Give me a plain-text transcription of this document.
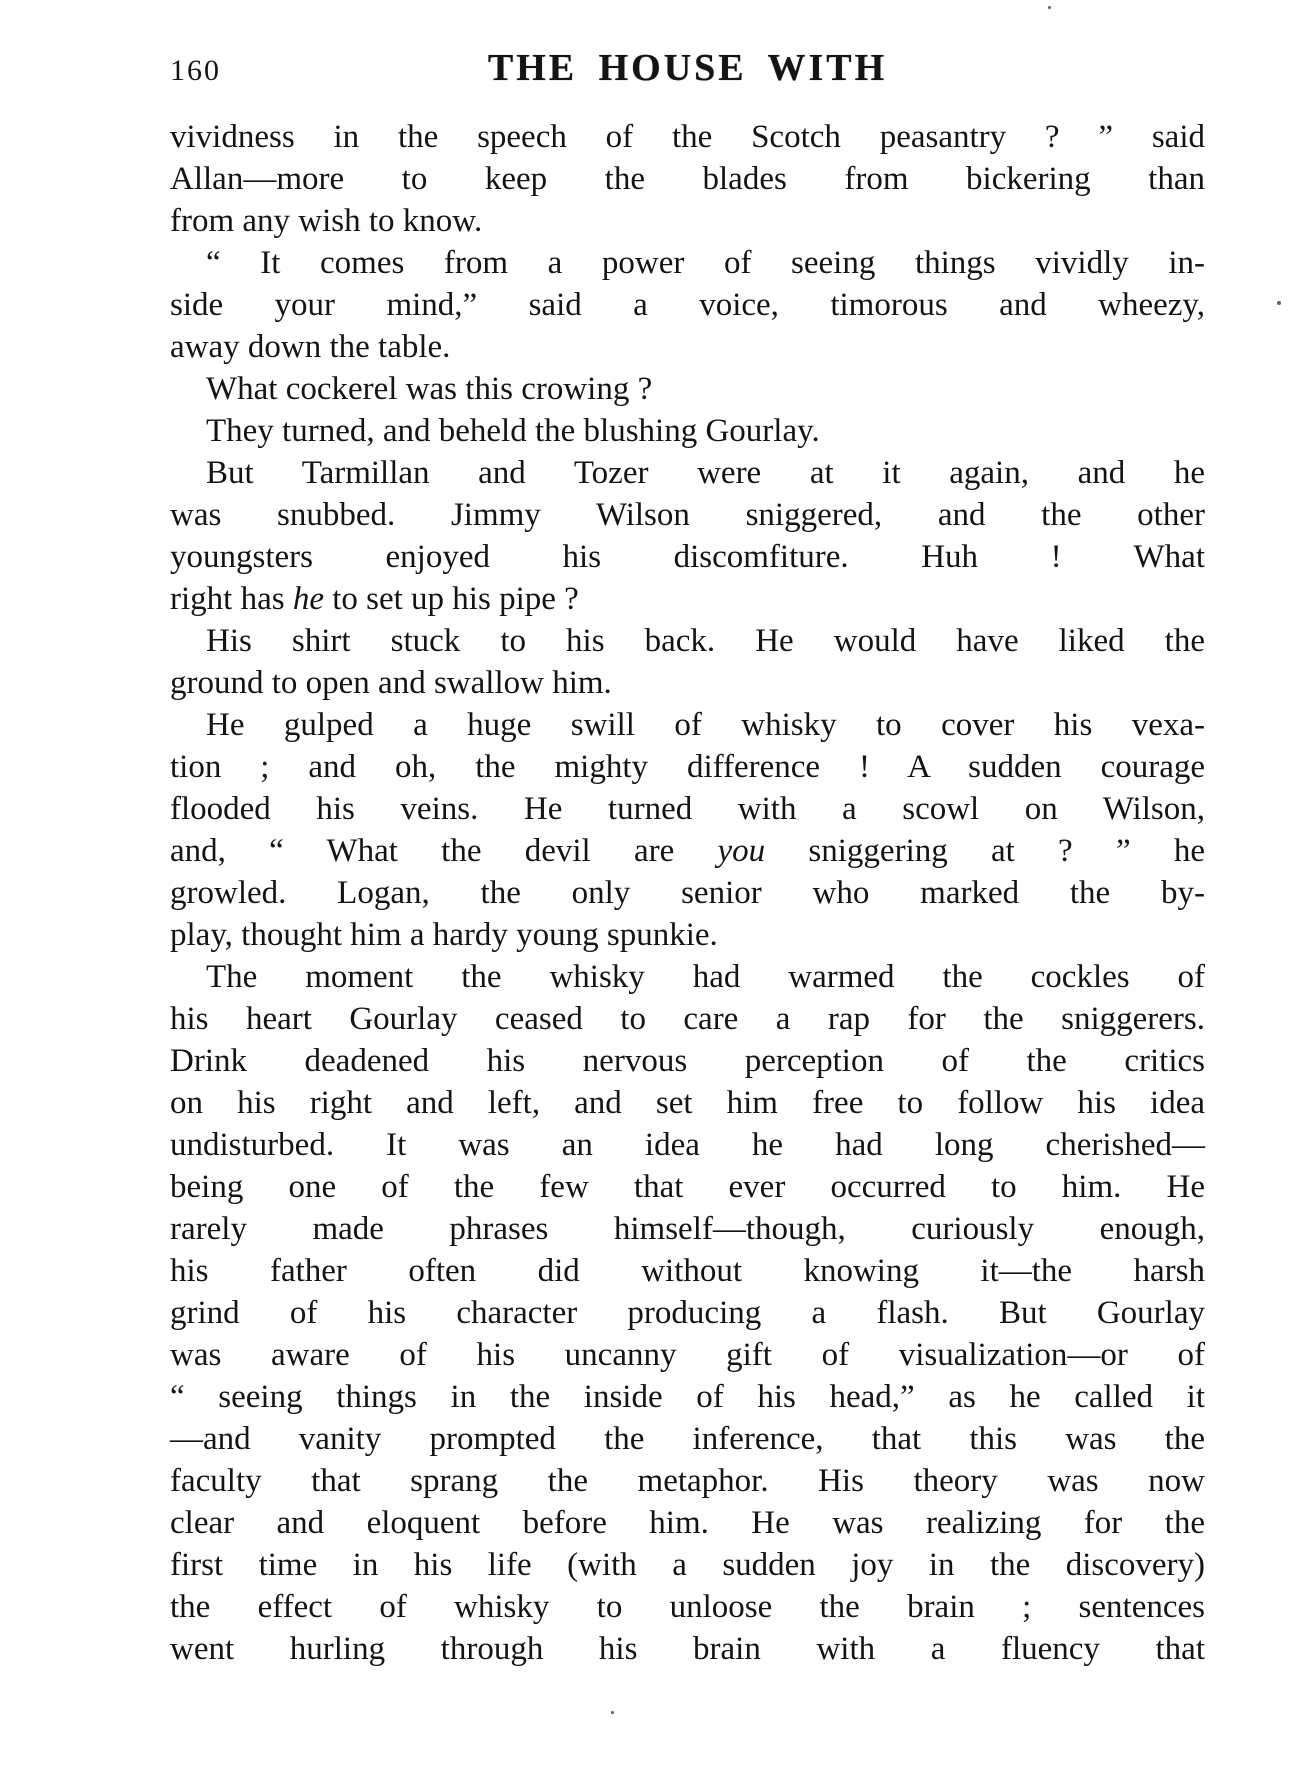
160	THE HOUSE WITH
vividness in the speech of the Scotch peasantry ? ” said
Allan—more to keep the blades from bickering than
from any wish to know.
“ It comes from a power of seeing things vividly in-
side your mind,” said a voice, timorous and wheezy,
away down the table.
What cockerel was this crowing ?
They turned, and beheld the blushing Gourlay.
But Tarmillan and Tozer were at it again, and he
was snubbed. Jimmy Wilson sniggered, and the other
youngsters enjoyed his discomfiture. Huh ! What
right has he to set up his pipe ?
His shirt stuck to his back. He would have liked the
ground to open and swallow him.
He gulped a huge swill of whisky to cover his vexa-
tion ; and oh, the mighty difference ! A sudden courage
flooded his veins. He turned with a scowl on Wilson,
and, “ What the devil are you sniggering at ? ” he
growled. Logan, the only senior who marked the by-
play, thought him a hardy young spunkie.
The moment the whisky had warmed the cockles of
his heart Gourlay ceased to care a rap for the sniggerers.
Drink deadened his nervous perception of the critics
on his right and left, and set him free to follow his idea
undisturbed. It was an idea he had long cherished—
being one of the few that ever occurred to him. He
rarely made phrases himself—though, curiously enough,
his father often did without knowing it—the harsh
grind of his character producing a flash. But Gourlay
was aware of his uncanny gift of visualization—or of
“ seeing things in the inside of his head,” as he called it
—and vanity prompted the inference, that this was the
faculty that sprang the metaphor. His theory was now
clear and eloquent before him. He was realizing for the
first time in his life (with a sudden joy in the discovery)
the effect of whisky to unloose the brain ; sentences
went hurling through his brain with a fluency that
